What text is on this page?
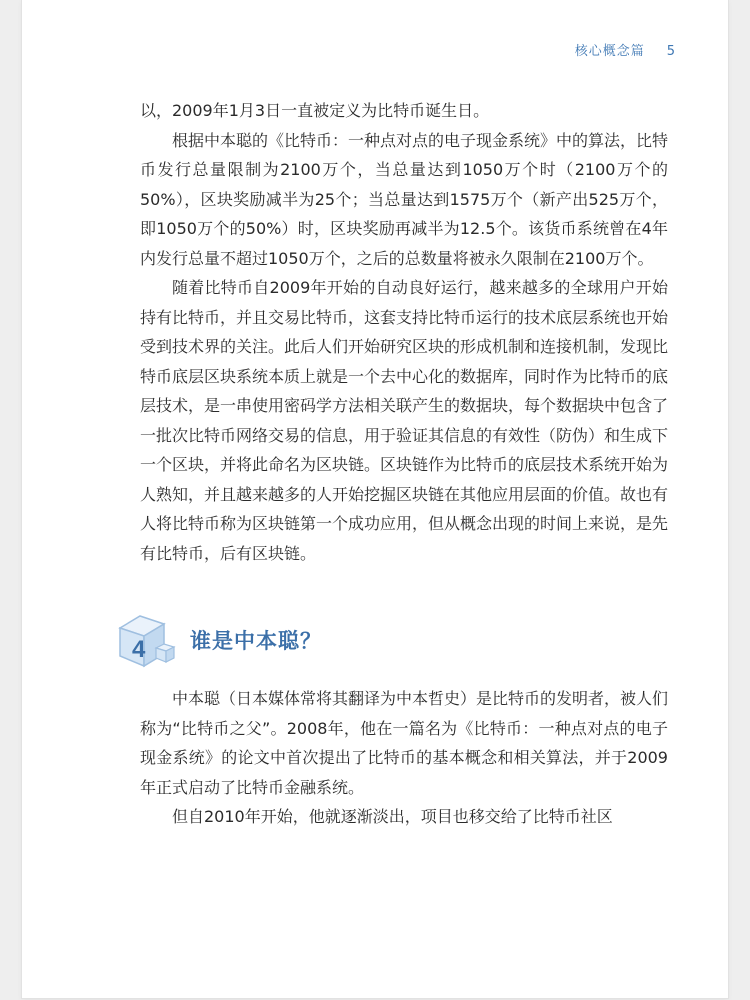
核心概念篇 5

以，2009年1月3日一直被定义为比特币诞生日。

根据中本聪的《比特币：一种点对点的电子现金系统》中的算法，比特币发行总量限制为2100万个，当总量达到1050万个时（2100万个的50%），区块奖励减半为25个；当总量达到1575万个（新产出525万个，即1050万个的50%）时，区块奖励再减半为12.5个。该货币系统曾在4年内发行总量不超过1050万个，之后的总数量将被永久限制在2100万个。

随着比特币自2009年开始的自动良好运行，越来越多的全球用户开始持有比特币，并且交易比特币，这套支持比特币运行的技术底层系统也开始受到技术界的关注。此后人们开始研究区块的形成机制和连接机制，发现比特币底层区块系统本质上就是一个去中心化的数据库，同时作为比特币的底层技术，是一串使用密码学方法相关联产生的数据块，每个数据块中包含了一批次比特币网络交易的信息，用于验证其信息的有效性（防伪）和生成下一个区块，并将此命名为区块链。区块链作为比特币的底层技术系统开始为人熟知，并且越来越多的人开始挖掘区块链在其他应用层面的价值。故也有人将比特币称为区块链第一个成功应用，但从概念出现的时间上来说，是先有比特币，后有区块链。

4 谁是中本聪？

中本聪（日本媒体常将其翻译为中本哲史）是比特币的发明者，被人们称为“比特币之父”。2008年，他在一篇名为《比特币：一种点对点的电子现金系统》的论文中首次提出了比特币的基本概念和相关算法，并于2009年正式启动了比特币金融系统。

但自2010年开始，他就逐渐淡出，项目也移交给了比特币社区
